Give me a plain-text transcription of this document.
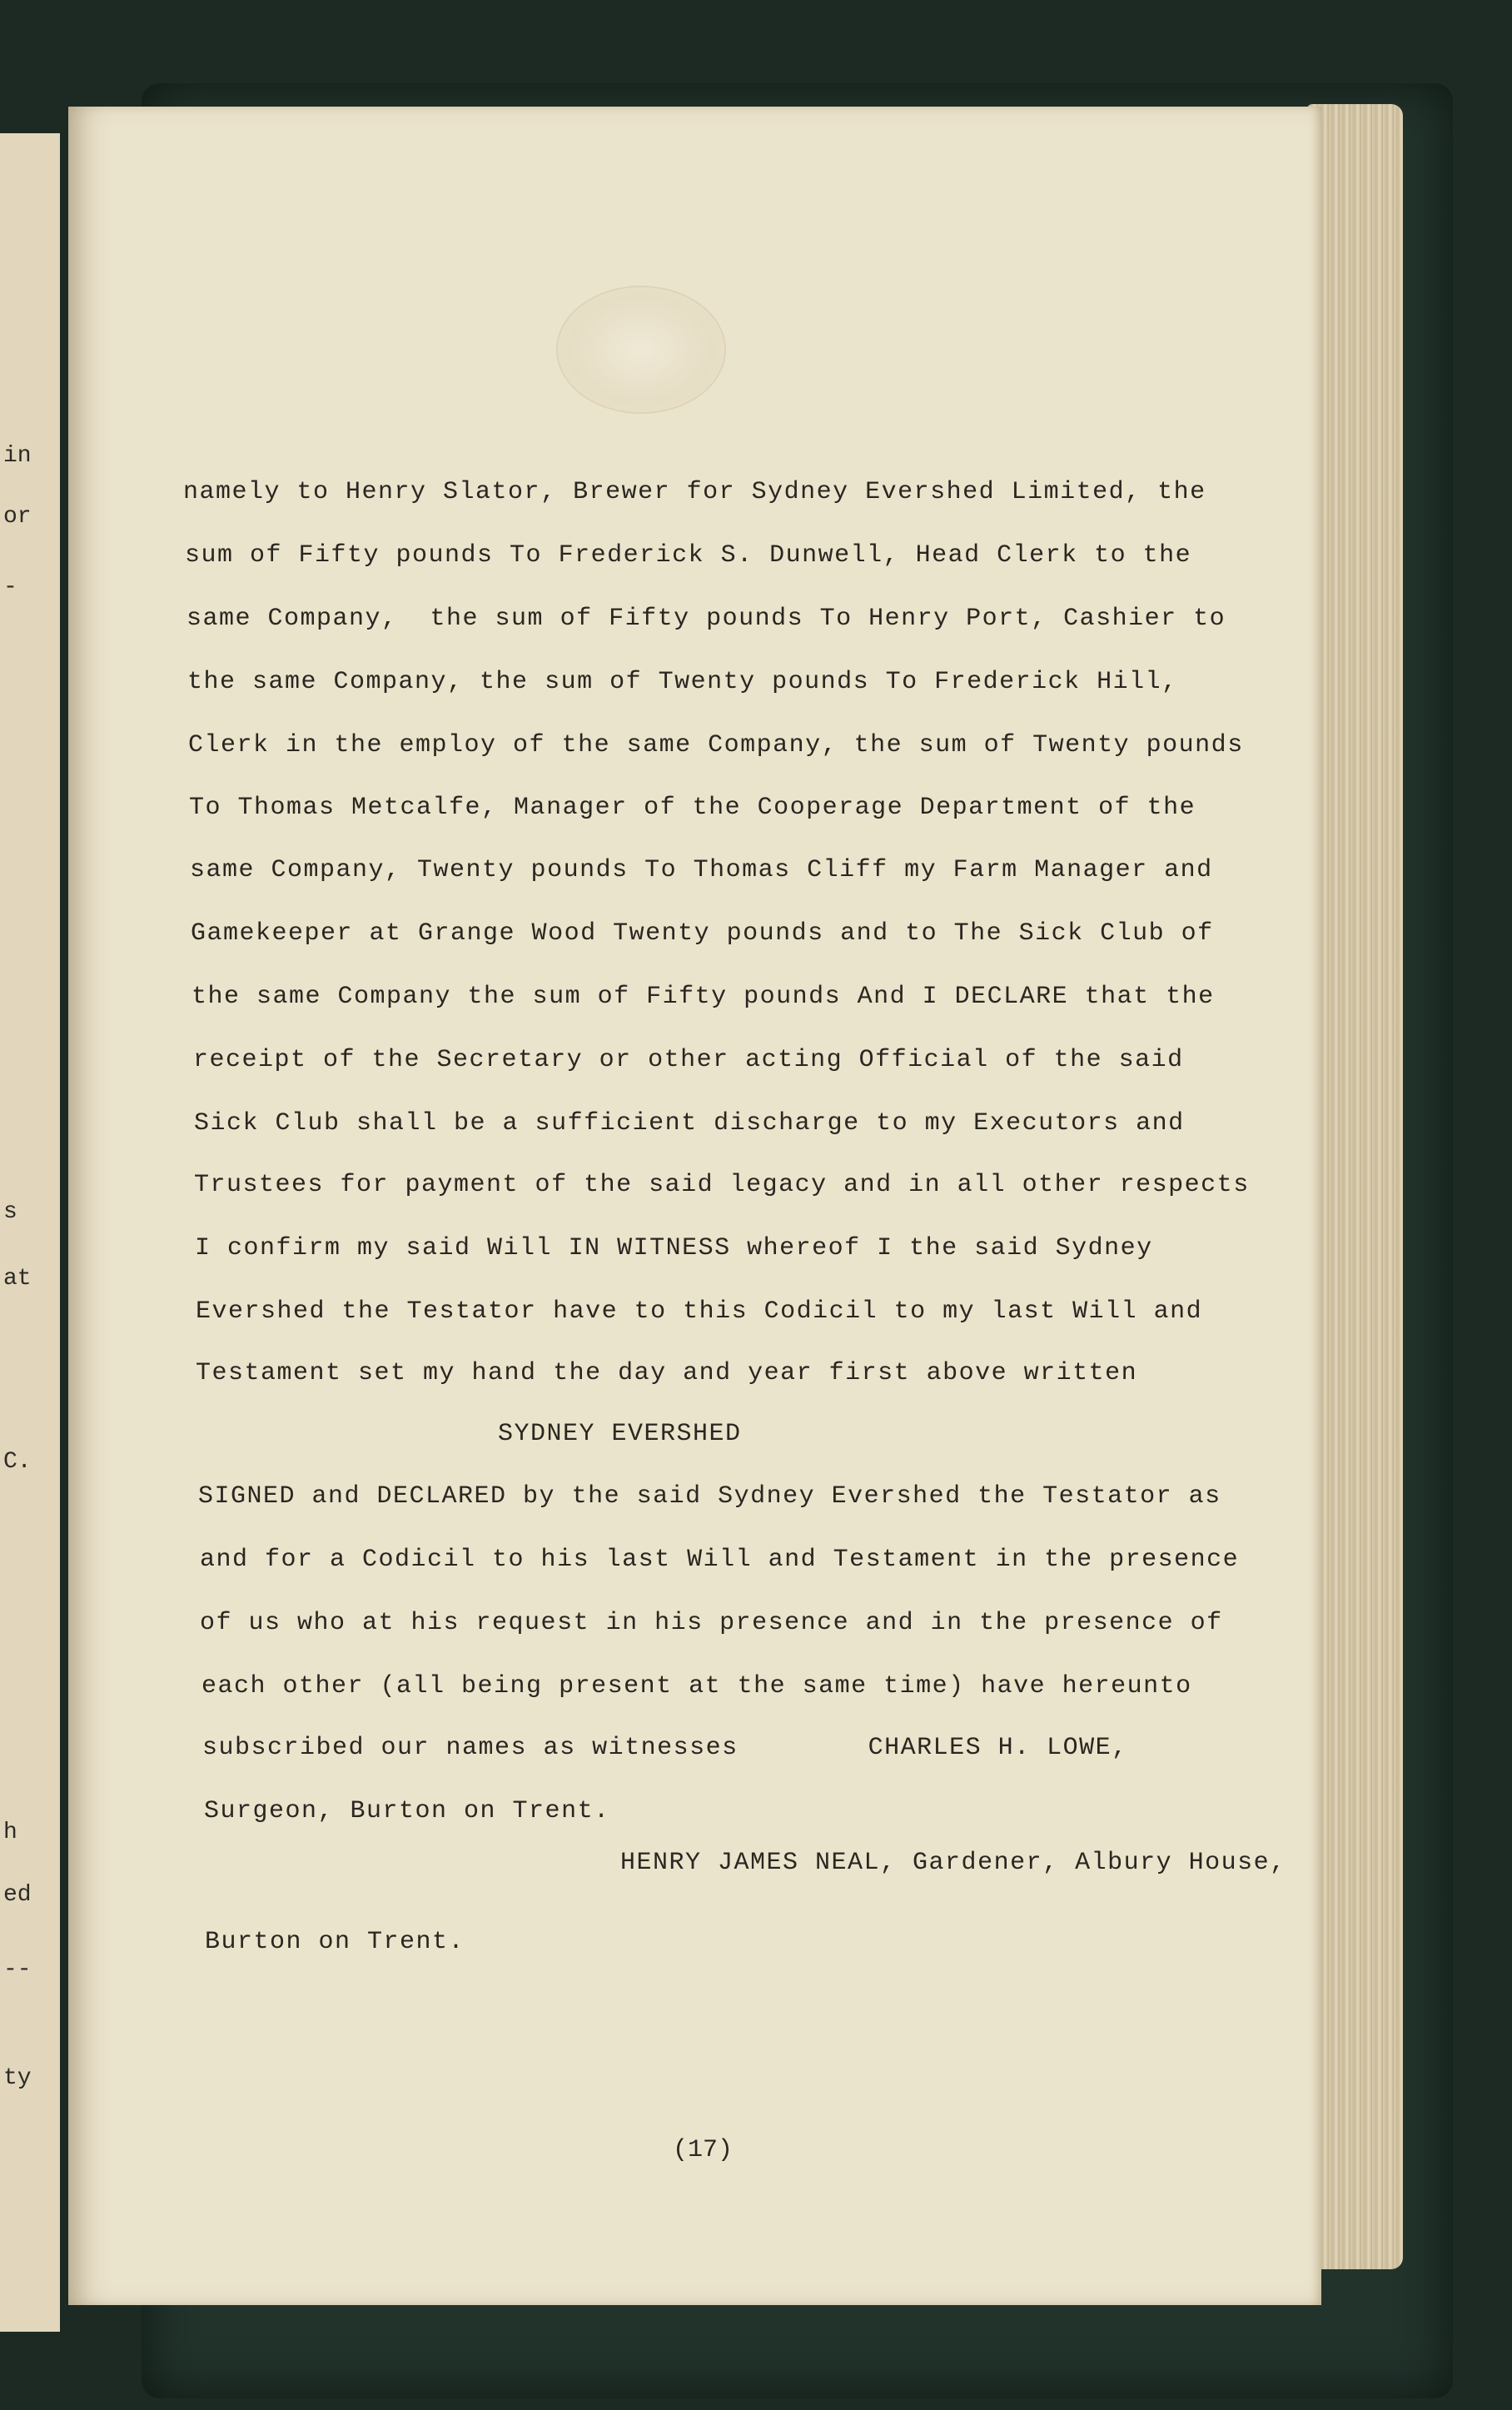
in
or
-
s
at
C.
h
ed
--
ty

namely to Henry Slator, Brewer for Sydney Evershed Limited, the

sum of Fifty pounds To Frederick S. Dunwell, Head Clerk to the

same Company,  the sum of Fifty pounds To Henry Port, Cashier to

the same Company, the sum of Twenty pounds To Frederick Hill,

Clerk in the employ of the same Company, the sum of Twenty pounds

To Thomas Metcalfe, Manager of the Cooperage Department of the

same Company, Twenty pounds To Thomas Cliff my Farm Manager and

Gamekeeper at Grange Wood Twenty pounds and to The Sick Club of

the same Company the sum of Fifty pounds And I DECLARE that the

receipt of the Secretary or other acting Official of the said

Sick Club shall be a sufficient discharge to my Executors and

Trustees for payment of the said legacy and in all other respects

I confirm my said Will IN WITNESS whereof I the said Sydney

Evershed the Testator have to this Codicil to my last Will and

Testament set my hand the day and year first above written

SYDNEY EVERSHED

SIGNED and DECLARED by the said Sydney Evershed the Testator as

and for a Codicil to his last Will and Testament in the presence

of us who at his request in his presence and in the presence of

each other (all being present at the same time) have hereunto

subscribed our names as witnesses        CHARLES H. LOWE,

Surgeon, Burton on Trent.

HENRY JAMES NEAL, Gardener, Albury House,

Burton on Trent.

(17)
